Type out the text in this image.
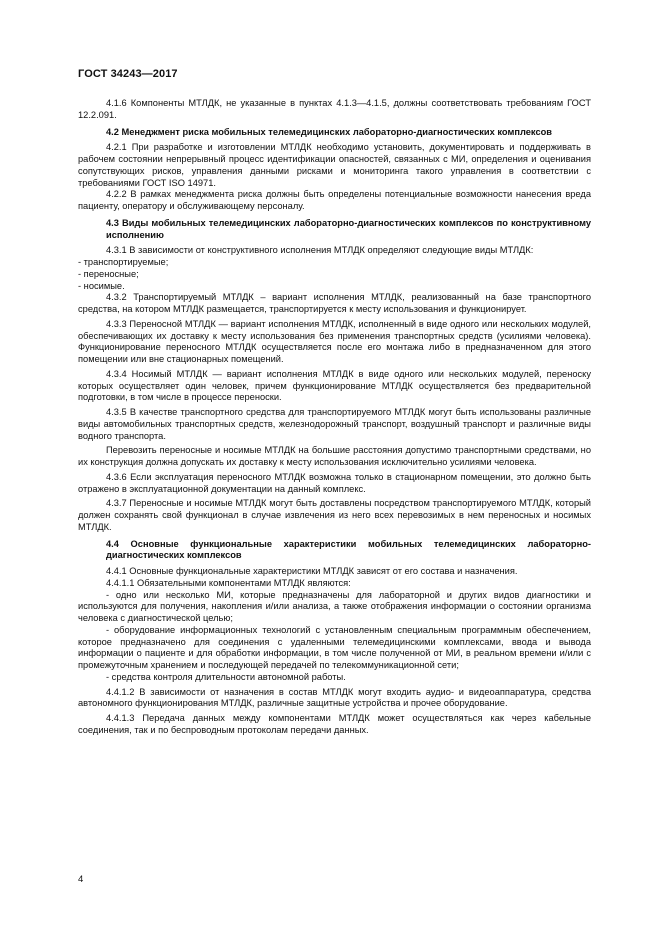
ГОСТ 34243—2017

4.1.6 Компоненты МТЛДК, не указанные в пунктах 4.1.3—4.1.5, должны соответствовать требованиям ГОСТ 12.2.091.

4.2 Менеджмент риска мобильных телемедицинских лабораторно-диагностических комплексов

4.2.1 При разработке и изготовлении МТЛДК необходимо установить, документировать и поддерживать в рабочем состоянии непрерывный процесс идентификации опасностей, связанных с МИ, определения и оценивания сопутствующих рисков, управления данными рисками и мониторинга такого управления в соответствии с требованиями ГОСТ ISO 14971.

4.2.2 В рамках менеджмента риска должны быть определены потенциальные возможности нанесения вреда пациенту, оператору и обслуживающему персоналу.

4.3 Виды мобильных телемедицинских лабораторно-диагностических комплексов по конструктивному исполнению

4.3.1 В зависимости от конструктивного исполнения МТЛДК определяют следующие виды МТЛДК:

- транспортируемые;

- переносные;

- носимые.

4.3.2 Транспортируемый МТЛДК – вариант исполнения МТЛДК, реализованный на базе транспортного средства, на котором МТЛДК размещается, транспортируется к месту использования и функционирует.

4.3.3 Переносной МТЛДК — вариант исполнения МТЛДК, исполненный в виде одного или нескольких модулей, обеспечивающих их доставку к месту использования без применения транспортных средств (усилиями человека). Функционирование переносного МТЛДК осуществляется после его монтажа либо в предназначенном для этого помещении или вне стационарных помещений.

4.3.4 Носимый МТЛДК — вариант исполнения МТЛДК в виде одного или нескольких модулей, переноску которых осуществляет один человек, причем функционирование МТЛДК осуществляется без предварительной подготовки, в том числе в процессе переноски.

4.3.5 В качестве транспортного средства для транспортируемого МТЛДК могут быть использованы различные виды автомобильных транспортных средств, железнодорожный транспорт, воздушный транспорт и различные виды водного транспорта.

Перевозить переносные и носимые МТЛДК на большие расстояния допустимо транспортными средствами, но их конструкция должна допускать их доставку к месту использования исключительно усилиями человека.

4.3.6 Если эксплуатация переносного МТЛДК возможна только в стационарном помещении, это должно быть отражено в эксплуатационной документации на данный комплекс.

4.3.7 Переносные и носимые МТЛДК могут быть доставлены посредством транспортируемого МТЛДК, который должен сохранять свой функционал в случае извлечения из него всех перевозимых в нем переносных и носимых МТЛДК.

4.4 Основные функциональные характеристики мобильных телемедицинских лабораторно-диагностических комплексов

4.4.1 Основные функциональные характеристики МТЛДК зависят от его состава и назначения.

4.4.1.1 Обязательными компонентами МТЛДК являются:

- одно или несколько МИ, которые предназначены для лабораторной и других видов диагностики и используются для получения, накопления и/или анализа, а также отображения информации о состоянии организма человека с диагностической целью;

- оборудование информационных технологий с установленным специальным программным обеспечением, которое предназначено для соединения с удаленными телемедицинскими комплексами, ввода и вывода информации о пациенте и для обработки информации, в том числе полученной от МИ, в реальном времени и/или с промежуточным хранением и последующей передачей по телекоммуникационной сети;

- средства контроля длительности автономной работы.

4.4.1.2 В зависимости от назначения в состав МТЛДК могут входить аудио- и видеоаппаратура, средства автономного функционирования МТЛДК, различные защитные устройства и прочее оборудование.

4.4.1.3 Передача данных между компонентами МТЛДК может осуществляться как через кабельные соединения, так и по беспроводным протоколам передачи данных.

4
